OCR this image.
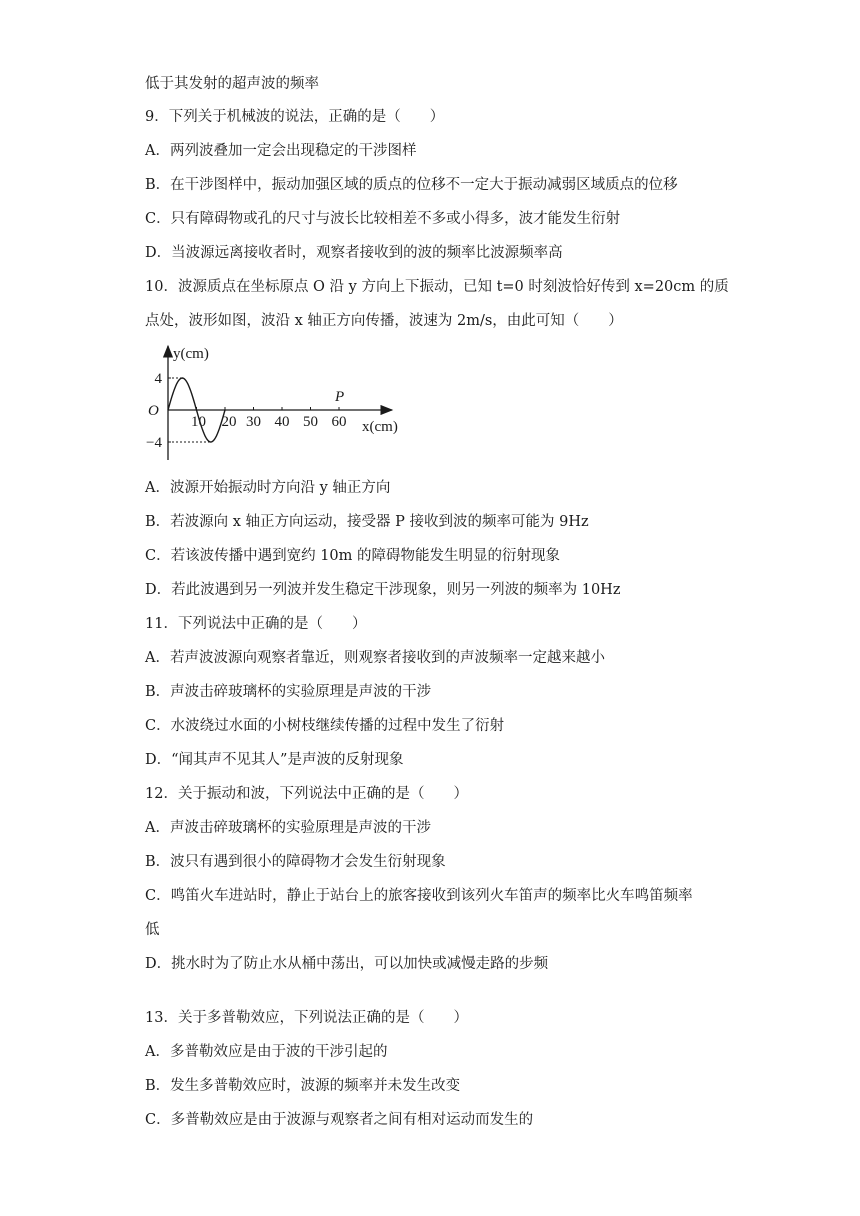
低于其发射的超声波的频率

9．下列关于机械波的说法，正确的是（　　）

A．两列波叠加一定会出现稳定的干涉图样

B．在干涉图样中，振动加强区域的质点的位移不一定大于振动减弱区域质点的位移

C．只有障碍物或孔的尺寸与波长比较相差不多或小得多，波才能发生衍射

D．当波源远离接收者时，观察者接收到的波的频率比波源频率高

10．波源质点在坐标原点 O 沿 y 方向上下振动，已知 t=0 时刻波恰好传到 x=20cm 的质

点处，波形如图，波沿 x 轴正方向传播，波速为 2m/s，由此可知（　　）

10 20 30 40 50 60
4
−4
y(cm)
x(cm)
O
P

A．波源开始振动时方向沿 y 轴正方向

B．若波源向 x 轴正方向运动，接受器 P 接收到波的频率可能为 9Hz

C．若该波传播中遇到宽约 10m 的障碍物能发生明显的衍射现象

D．若此波遇到另一列波并发生稳定干涉现象，则另一列波的频率为 10Hz

11．下列说法中正确的是（　　）

A．若声波波源向观察者靠近，则观察者接收到的声波频率一定越来越小

B．声波击碎玻璃杯的实验原理是声波的干涉

C．水波绕过水面的小树枝继续传播的过程中发生了衍射

D．“闻其声不见其人”是声波的反射现象

12．关于振动和波，下列说法中正确的是（　　）

A．声波击碎玻璃杯的实验原理是声波的干涉

B．波只有遇到很小的障碍物才会发生衍射现象

C．鸣笛火车进站时，静止于站台上的旅客接收到该列火车笛声的频率比火车鸣笛频率

低

D．挑水时为了防止水从桶中荡出，可以加快或减慢走路的步频

13．关于多普勒效应，下列说法正确的是（　　）

A．多普勒效应是由于波的干涉引起的

B．发生多普勒效应时，波源的频率并未发生改变

C．多普勒效应是由于波源与观察者之间有相对运动而发生的
